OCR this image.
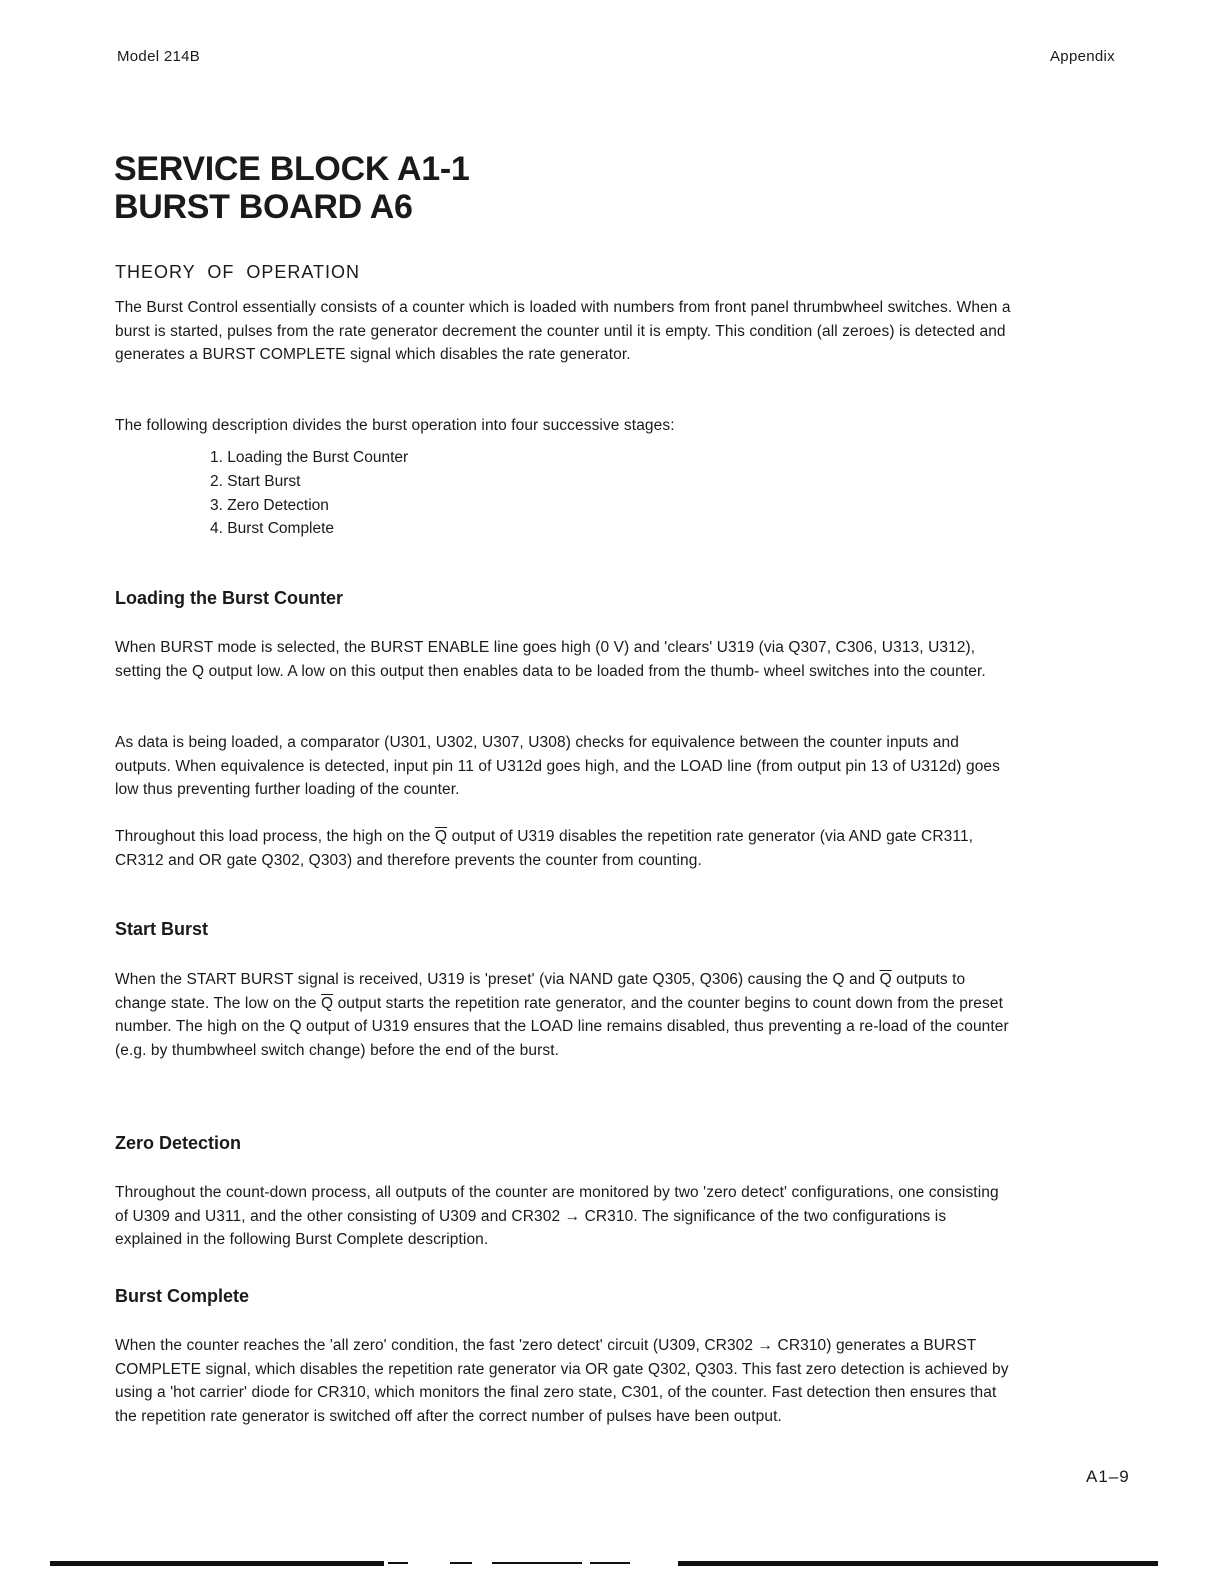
Model 214B	Appendix
SERVICE BLOCK A1-1
BURST BOARD A6
THEORY  OF  OPERATION
The Burst Control essentially consists of a counter which is loaded with numbers from front panel thrumbwheel switches. When a burst is started, pulses from the rate generator decrement the counter until it is empty. This condition (all zeroes) is detected and generates a BURST COMPLETE signal which disables the rate generator.
The following description divides the burst operation into four successive stages:
1. Loading the Burst Counter
2. Start Burst
3. Zero Detection
4. Burst Complete
Loading the Burst Counter
When BURST mode is selected, the BURST ENABLE line goes high (0 V) and 'clears' U319 (via Q307, C306, U313, U312), setting the Q output low. A low on this output then enables data to be loaded from the thumb- wheel switches into the counter.
As data is being loaded, a comparator (U301, U302, U307, U308) checks for equivalence between the counter inputs and outputs. When equivalence is detected, input pin 11 of U312d goes high, and the LOAD line (from output pin 13 of U312d) goes low thus preventing further loading of the counter.
Throughout this load process, the high on the $\overline{Q}$ output of U319 disables the repetition rate generator (via AND gate CR311, CR312 and OR gate Q302, Q303) and therefore prevents the counter from counting.
Start Burst
When the START BURST signal is received, U319 is 'preset' (via NAND gate Q305, Q306) causing the Q and $\overline{Q}$ outputs to change state. The low on the $\overline{Q}$ output starts the repetition rate generator, and the counter begins to count down from the preset number. The high on the Q output of U319 ensures that the LOAD line remains disabled, thus preventing a re-load of the counter (e.g. by thumbwheel switch change) before the end of the burst.
Zero Detection
Throughout the count-down process, all outputs of the counter are monitored by two 'zero detect' configurations, one consisting of U309 and U311, and the other consisting of U309 and CR302 → CR310. The significance of the two configurations is explained in the following Burst Complete description.
Burst Complete
When the counter reaches the 'all zero' condition, the fast 'zero detect' circuit (U309, CR302 → CR310) generates a BURST COMPLETE signal, which disables the repetition rate generator via OR gate Q302, Q303. This fast zero detection is achieved by using a 'hot carrier' diode for CR310, which monitors the final zero state, C301, of the counter. Fast detection then ensures that the repetition rate generator is switched off after the correct number of pulses have been output.
A1–9
